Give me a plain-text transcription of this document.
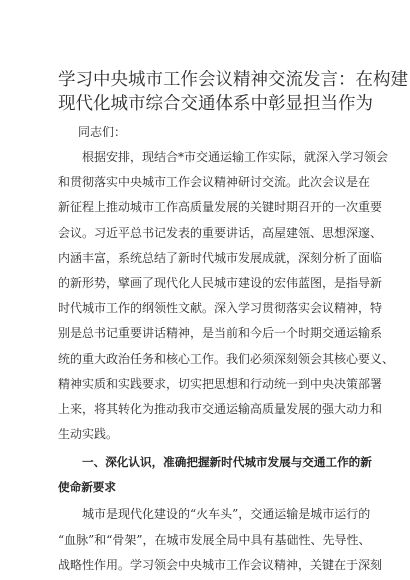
学习中央城市工作会议精神交流发言：在构建
现代化城市综合交通体系中彰显担当作为

同志们：

根据安排，现结合*市交通运输工作实际，就深入学习领会
和贯彻落实中央城市工作会议精神研讨交流。此次会议是在
新征程上推动城市工作高质量发展的关键时期召开的一次重要
会议。习近平总书记发表的重要讲话，高屋建瓴、思想深邃、
内涵丰富，系统总结了新时代城市发展成就，深刻分析了面临
的新形势，擘画了现代化人民城市建设的宏伟蓝图，是指导新
时代城市工作的纲领性文献。深入学习贯彻落实会议精神，特
别是总书记重要讲话精神，是当前和今后一个时期交通运输系
统的重大政治任务和核心工作。我们必须深刻领会其核心要义、
精神实质和实践要求，切实把思想和行动统一到中央决策部署
上来，将其转化为推动我市交通运输高质量发展的强大动力和
生动实践。

一、深化认识，准确把握新时代城市发展与交通工作的新
使命新要求

城市是现代化建设的“火车头”，交通运输是城市运行的
“血脉”和“骨架”，在城市发展全局中具有基础性、先导性、
战略性作用。学习领会中央城市工作会议精神，关键在于深刻
